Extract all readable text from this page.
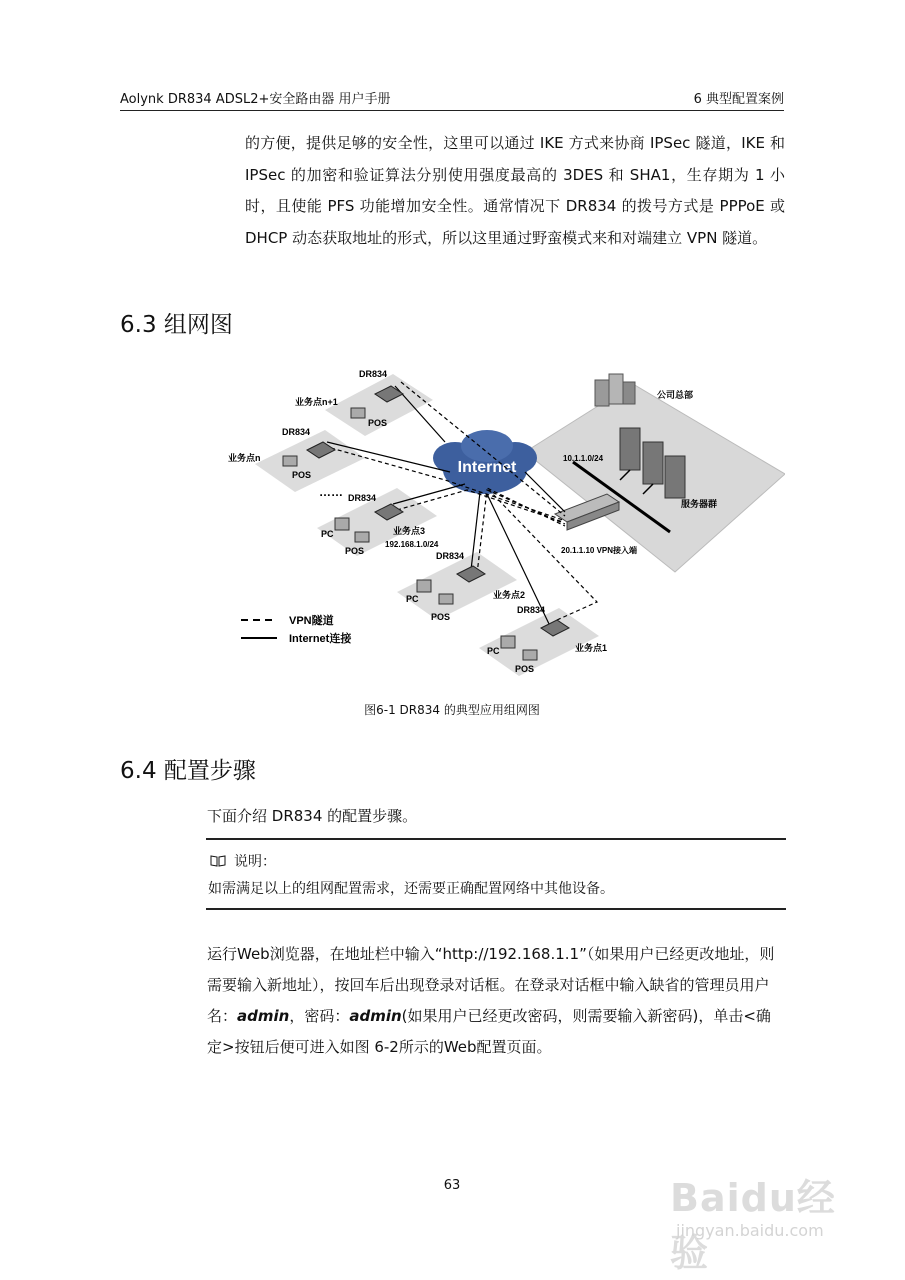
Aolynk DR834 ADSL2+安全路由器 用户手册	6 典型配置案例

的方便，提供足够的安全性，这里可以通过 IKE 方式来协商 IPSec 隧道，IKE 和 IPSec 的加密和验证算法分别使用强度最高的 3DES 和 SHA1，生存期为 1 小时，且使能 PFS 功能增加安全性。通常情况下 DR834 的拨号方式是 PPPoE 或 DHCP 动态获取地址的形式，所以这里通过野蛮模式来和对端建立 VPN 隧道。

6.3 组网图
Internet
DR834
业务点n+1
POS
DR834
业务点n
POS
…… DR834
PC	业务点3
192.168.1.0/24
POS	DR834
PC	业务点2
POS
DR834
PC	业务点1
POS
公司总部
10.1.1.0/24
服务器群
20.1.1.10 VPN接入端
VPN隧道
Internet连接
图6-1 DR834 的典型应用组网图
6.4 配置步骤

下面介绍 DR834 的配置步骤。

说明：
如需满足以上的组网配置需求，还需要正确配置网络中其他设备。

运行Web浏览器，在地址栏中输入“http://192.168.1.1”（如果用户已经更改地址，则需要输入新地址），按回车后出现登录对话框。在登录对话框中输入缺省的管理员用户名：admin，密码：admin(如果用户已经更改密码，则需要输入新密码)，单击<确定>按钮后便可进入如图 6-2所示的Web配置页面。

63	Baidu经验
jingyan.baidu.com
